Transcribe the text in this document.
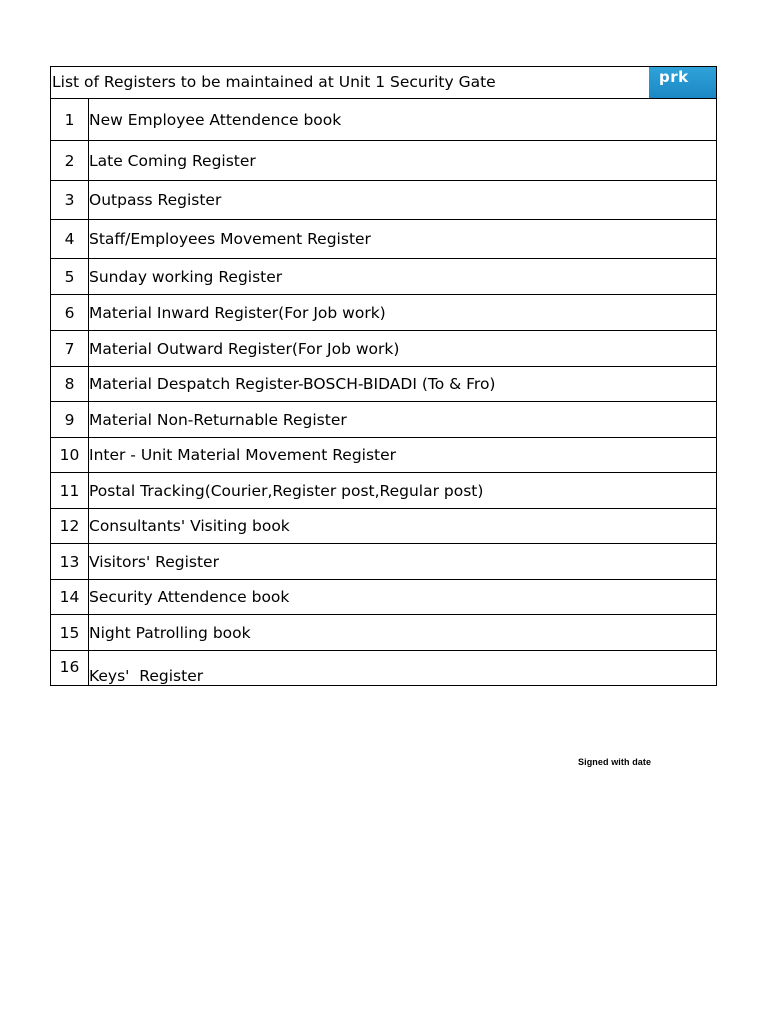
List of Registers to be maintained at Unit 1 Security Gate prk	

1	New Employee Attendence book
2	Late Coming Register
3	Outpass Register
4	Staff/Employees Movement Register
5	Sunday working Register
6	Material Inward Register(For Job work)
7	Material Outward Register(For Job work)
8	Material Despatch Register-BOSCH-BIDADI (To & Fro)
9	Material Non-Returnable Register
10	Inter - Unit Material Movement Register
11	Postal Tracking(Courier,Register post,Regular post)
12	Consultants' Visiting book
13	Visitors' Register
14	Security Attendence book
15	Night Patrolling book
16	Keys'  Register
Signed with date
